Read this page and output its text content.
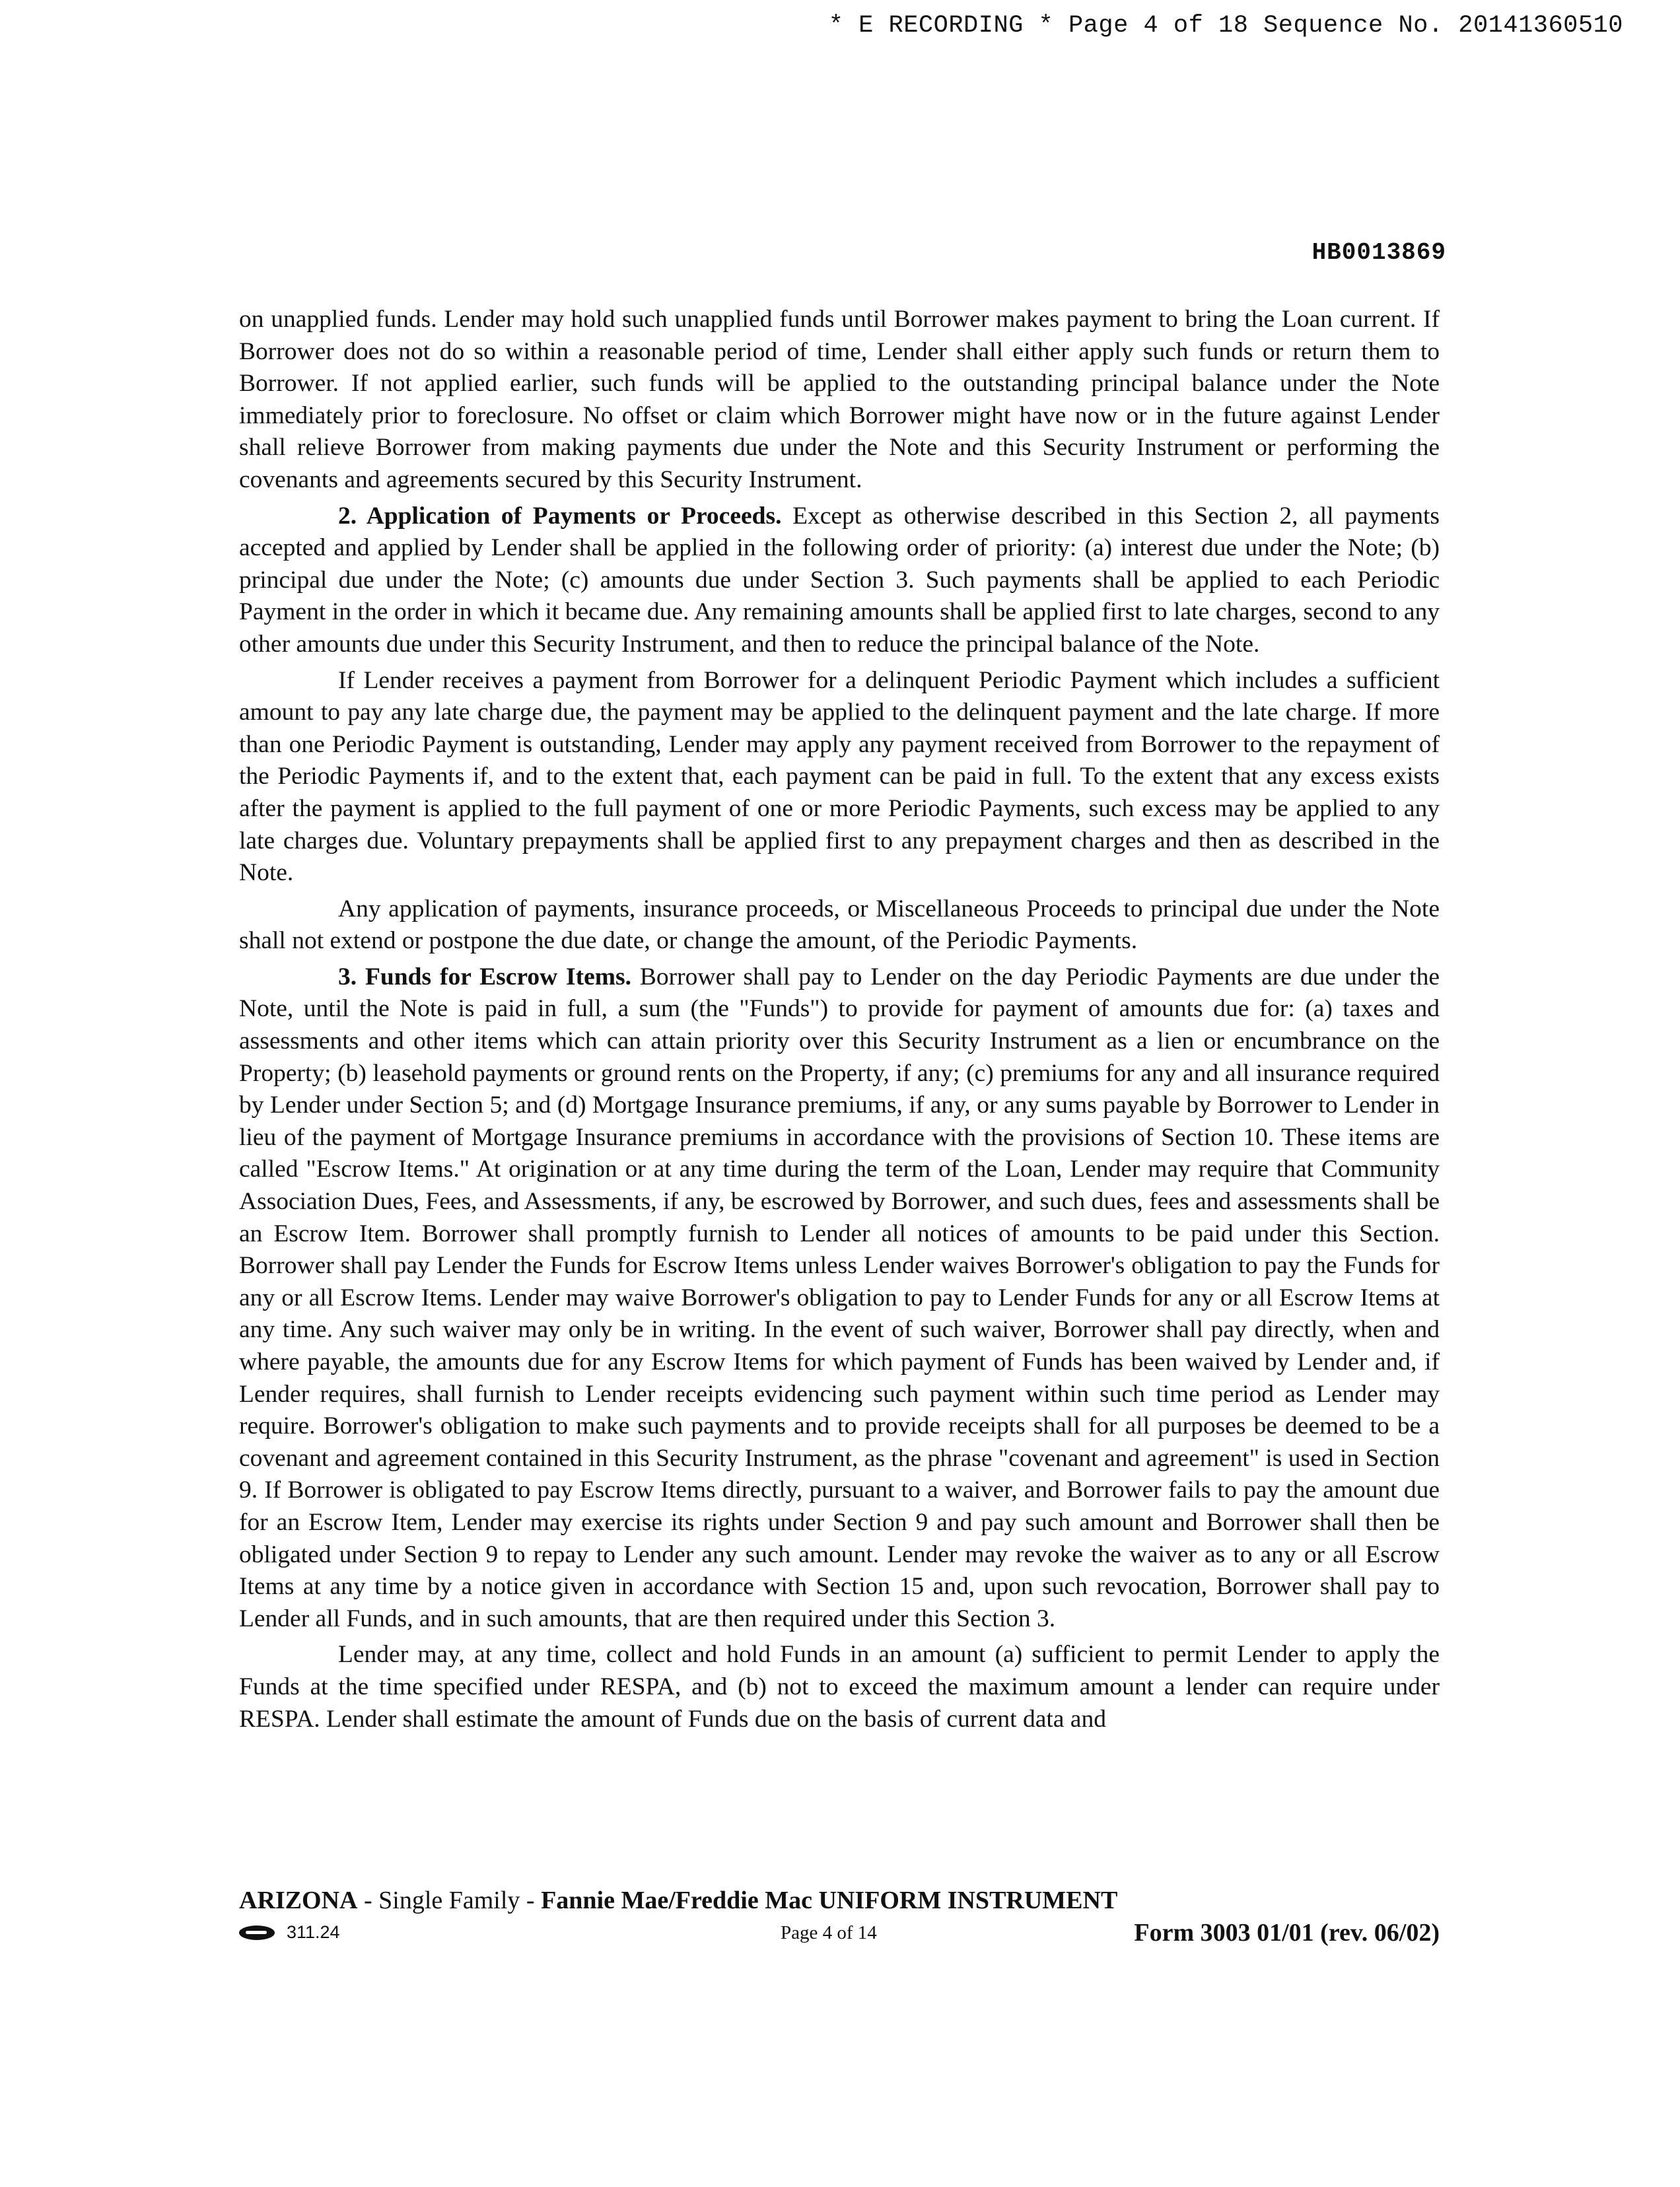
* E RECORDING * Page 4 of 18 Sequence No. 20141360510
HB0013869

on unapplied funds. Lender may hold such unapplied funds until Borrower makes payment to bring the Loan current. If Borrower does not do so within a reasonable period of time, Lender shall either apply such funds or return them to Borrower. If not applied earlier, such funds will be applied to the outstanding principal balance under the Note immediately prior to foreclosure. No offset or claim which Borrower might have now or in the future against Lender shall relieve Borrower from making payments due under the Note and this Security Instrument or performing the covenants and agreements secured by this Security Instrument.

2. Application of Payments or Proceeds. Except as otherwise described in this Section 2, all payments accepted and applied by Lender shall be applied in the following order of priority: (a) interest due under the Note; (b) principal due under the Note; (c) amounts due under Section 3. Such payments shall be applied to each Periodic Payment in the order in which it became due. Any remaining amounts shall be applied first to late charges, second to any other amounts due under this Security Instrument, and then to reduce the principal balance of the Note.

If Lender receives a payment from Borrower for a delinquent Periodic Payment which includes a sufficient amount to pay any late charge due, the payment may be applied to the delinquent payment and the late charge. If more than one Periodic Payment is outstanding, Lender may apply any payment received from Borrower to the repayment of the Periodic Payments if, and to the extent that, each payment can be paid in full. To the extent that any excess exists after the payment is applied to the full payment of one or more Periodic Payments, such excess may be applied to any late charges due. Voluntary prepayments shall be applied first to any prepayment charges and then as described in the Note.

Any application of payments, insurance proceeds, or Miscellaneous Proceeds to principal due under the Note shall not extend or postpone the due date, or change the amount, of the Periodic Payments.

3. Funds for Escrow Items. Borrower shall pay to Lender on the day Periodic Payments are due under the Note, until the Note is paid in full, a sum (the "Funds") to provide for payment of amounts due for: (a) taxes and assessments and other items which can attain priority over this Security Instrument as a lien or encumbrance on the Property; (b) leasehold payments or ground rents on the Property, if any; (c) premiums for any and all insurance required by Lender under Section 5; and (d) Mortgage Insurance premiums, if any, or any sums payable by Borrower to Lender in lieu of the payment of Mortgage Insurance premiums in accordance with the provisions of Section 10. These items are called "Escrow Items." At origination or at any time during the term of the Loan, Lender may require that Community Association Dues, Fees, and Assessments, if any, be escrowed by Borrower, and such dues, fees and assessments shall be an Escrow Item. Borrower shall promptly furnish to Lender all notices of amounts to be paid under this Section. Borrower shall pay Lender the Funds for Escrow Items unless Lender waives Borrower's obligation to pay the Funds for any or all Escrow Items. Lender may waive Borrower's obligation to pay to Lender Funds for any or all Escrow Items at any time. Any such waiver may only be in writing. In the event of such waiver, Borrower shall pay directly, when and where payable, the amounts due for any Escrow Items for which payment of Funds has been waived by Lender and, if Lender requires, shall furnish to Lender receipts evidencing such payment within such time period as Lender may require. Borrower's obligation to make such payments and to provide receipts shall for all purposes be deemed to be a covenant and agreement contained in this Security Instrument, as the phrase "covenant and agreement" is used in Section 9. If Borrower is obligated to pay Escrow Items directly, pursuant to a waiver, and Borrower fails to pay the amount due for an Escrow Item, Lender may exercise its rights under Section 9 and pay such amount and Borrower shall then be obligated under Section 9 to repay to Lender any such amount. Lender may revoke the waiver as to any or all Escrow Items at any time by a notice given in accordance with Section 15 and, upon such revocation, Borrower shall pay to Lender all Funds, and in such amounts, that are then required under this Section 3.

Lender may, at any time, collect and hold Funds in an amount (a) sufficient to permit Lender to apply the Funds at the time specified under RESPA, and (b) not to exceed the maximum amount a lender can require under RESPA. Lender shall estimate the amount of Funds due on the basis of current data and

ARIZONA - Single Family - Fannie Mae/Freddie Mac UNIFORM INSTRUMENT
311.24	Page 4 of 14	Form 3003 01/01 (rev. 06/02)
